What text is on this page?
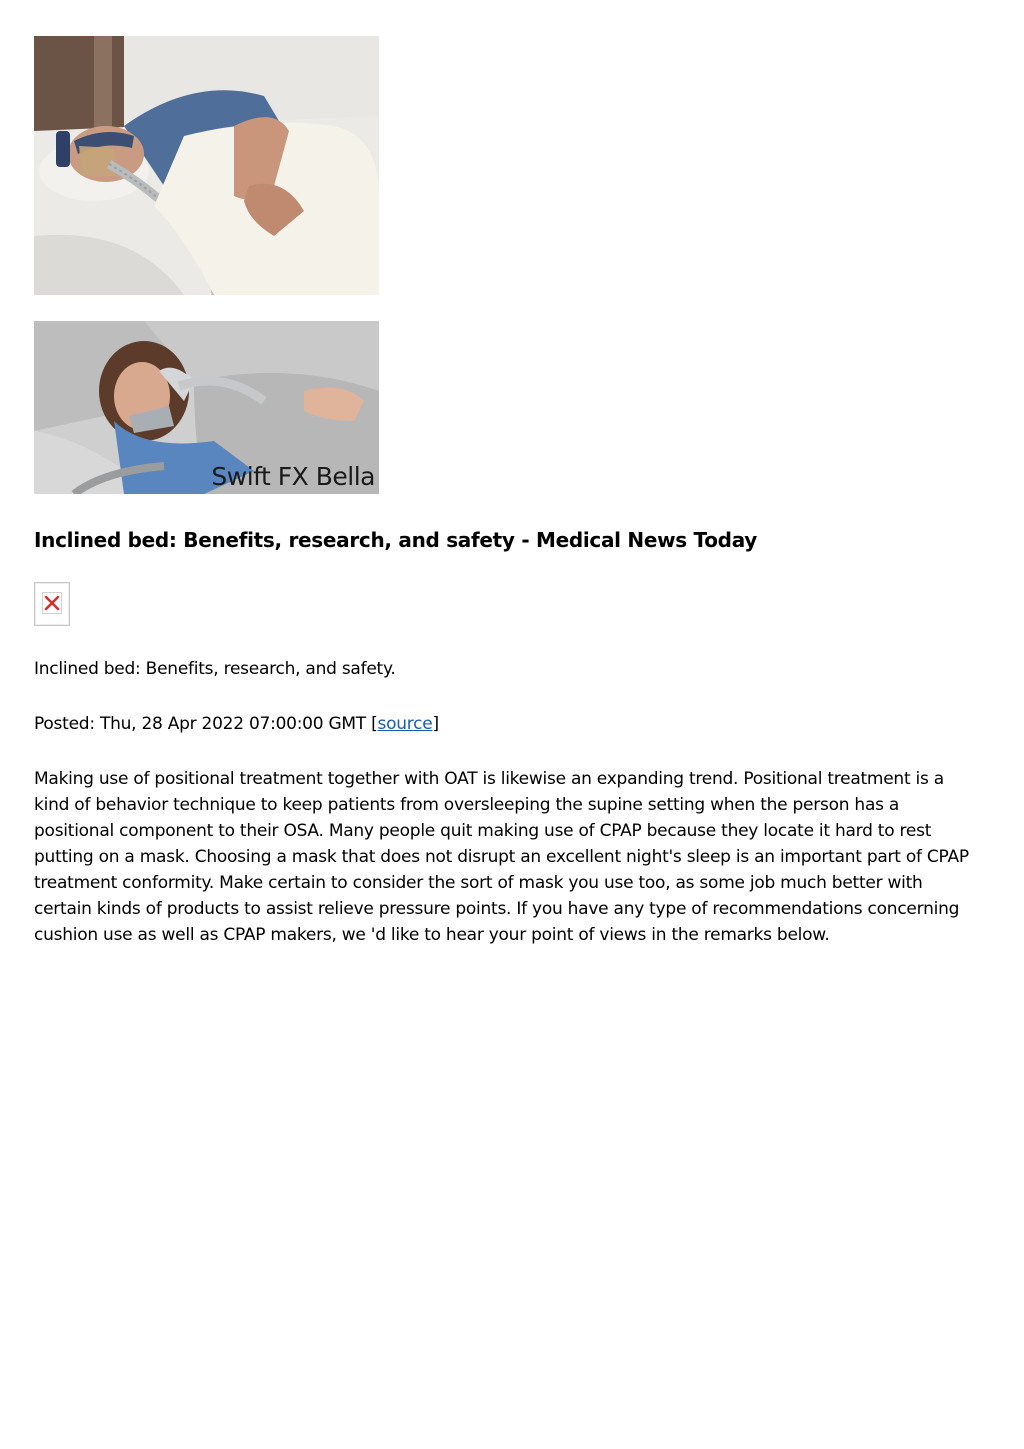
Swift FX Bella
Inclined bed: Benefits, research, and safety - Medical News Today

Inclined bed: Benefits, research, and safety.

Posted: Thu, 28 Apr 2022 07:00:00 GMT [source]

Making use of positional treatment together with OAT is likewise an expanding trend. Positional treatment is a kind of behavior technique to keep patients from oversleeping the supine setting when the person has a positional component to their OSA. Many people quit making use of CPAP because they locate it hard to rest putting on a mask. Choosing a mask that does not disrupt an excellent night's sleep is an important part of CPAP treatment conformity. Make certain to consider the sort of mask you use too, as some job much better with certain kinds of products to assist relieve pressure points. If you have any type of recommendations concerning cushion use as well as CPAP makers, we 'd like to hear your point of views in the remarks below.
